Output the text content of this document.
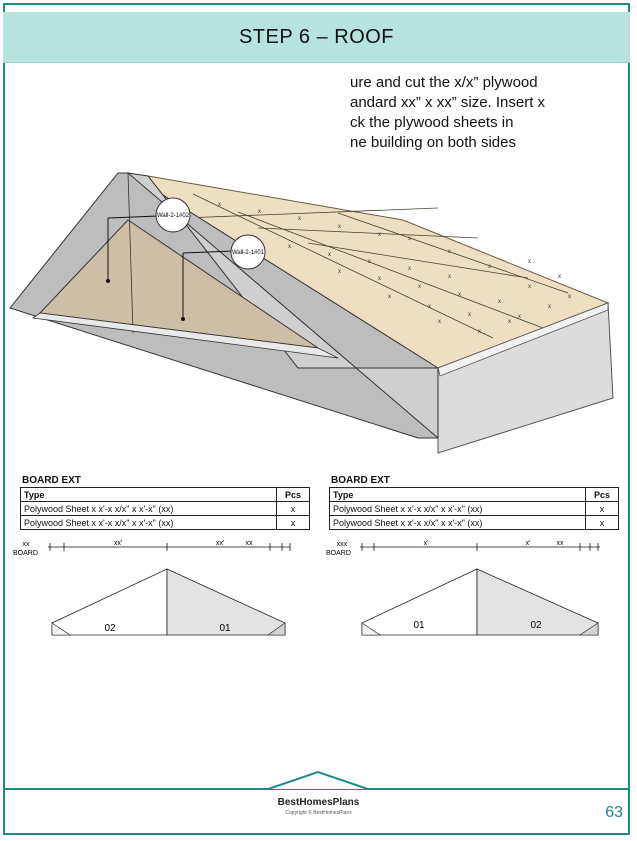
STEP 6 – ROOF
ure and cut the x/x” plywood
andard xx” x xx” size. Insert x
ck the plywood sheets in
ne building on both sides
Wall-2-1#02
Wall-2-1#01
x
x
x
x
x
x
x
x
x
x
x
x
x
x
x
x
x
x
x
x
x
x
x
x
x
x
x
x
x
x
BOARD EXT
Type	Pcs
Polywood Sheet x x'-x x/x" x x'-x" (xx)	x
Polywood Sheet x x'-x x/x" x x'-x" (xx)	x
xx
BOARD
xx'	xx'	xx
02	01
BOARD EXT
Type	Pcs
Polywood Sheet x x'-x x/x" x x'-x" (xx)	x
Polywood Sheet x x'-x x/x" x x'-x" (xx)	x
xxx
BOARD
x'	x'	xx
01	02
BestHomesPlans
Copyright © BestHomesPlans	63
